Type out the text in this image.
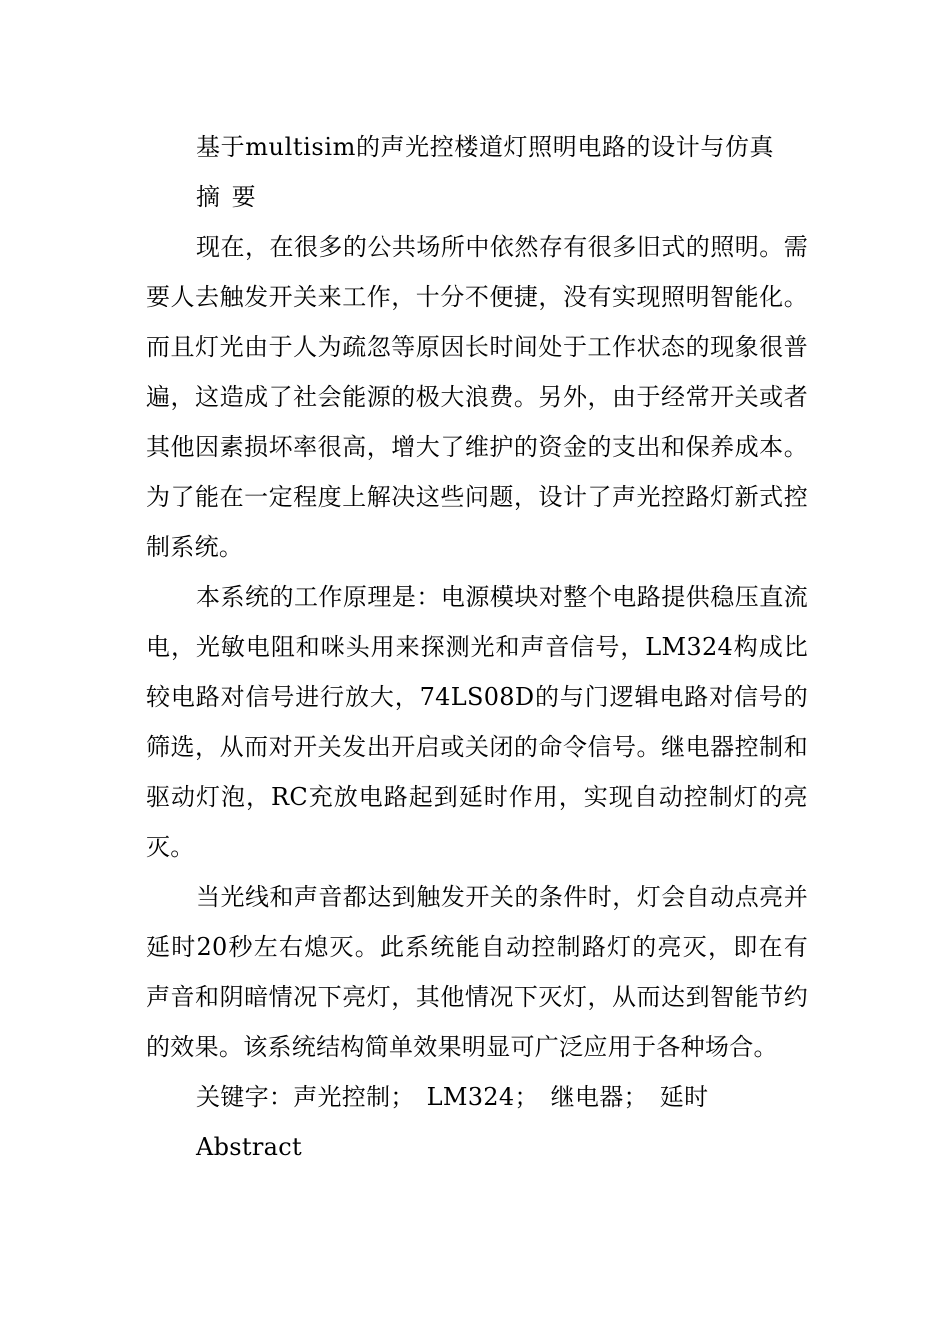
基于multisim的声光控楼道灯照明电路的设计与仿真

摘 要

现在，在很多的公共场所中依然存有很多旧式的照明。需要人去触发开关来工作，十分不便捷，没有实现照明智能化。而且灯光由于人为疏忽等原因长时间处于工作状态的现象很普遍，这造成了社会能源的极大浪费。另外，由于经常开关或者其他因素损坏率很高，增大了维护的资金的支出和保养成本。为了能在一定程度上解决这些问题，设计了声光控路灯新式控制系统。

本系统的工作原理是：电源模块对整个电路提供稳压直流电，光敏电阻和咪头用来探测光和声音信号，LM324构成比较电路对信号进行放大，74LS08D的与门逻辑电路对信号的筛选，从而对开关发出开启或关闭的命令信号。继电器控制和驱动灯泡，RC充放电路起到延时作用，实现自动控制灯的亮灭。

当光线和声音都达到触发开关的条件时，灯会自动点亮并延时20秒左右熄灭。此系统能自动控制路灯的亮灭，即在有声音和阴暗情况下亮灯，其他情况下灭灯，从而达到智能节约的效果。该系统结构简单效果明显可广泛应用于各种场合。

关键字：声光控制； LM324； 继电器； 延时

Abstract
